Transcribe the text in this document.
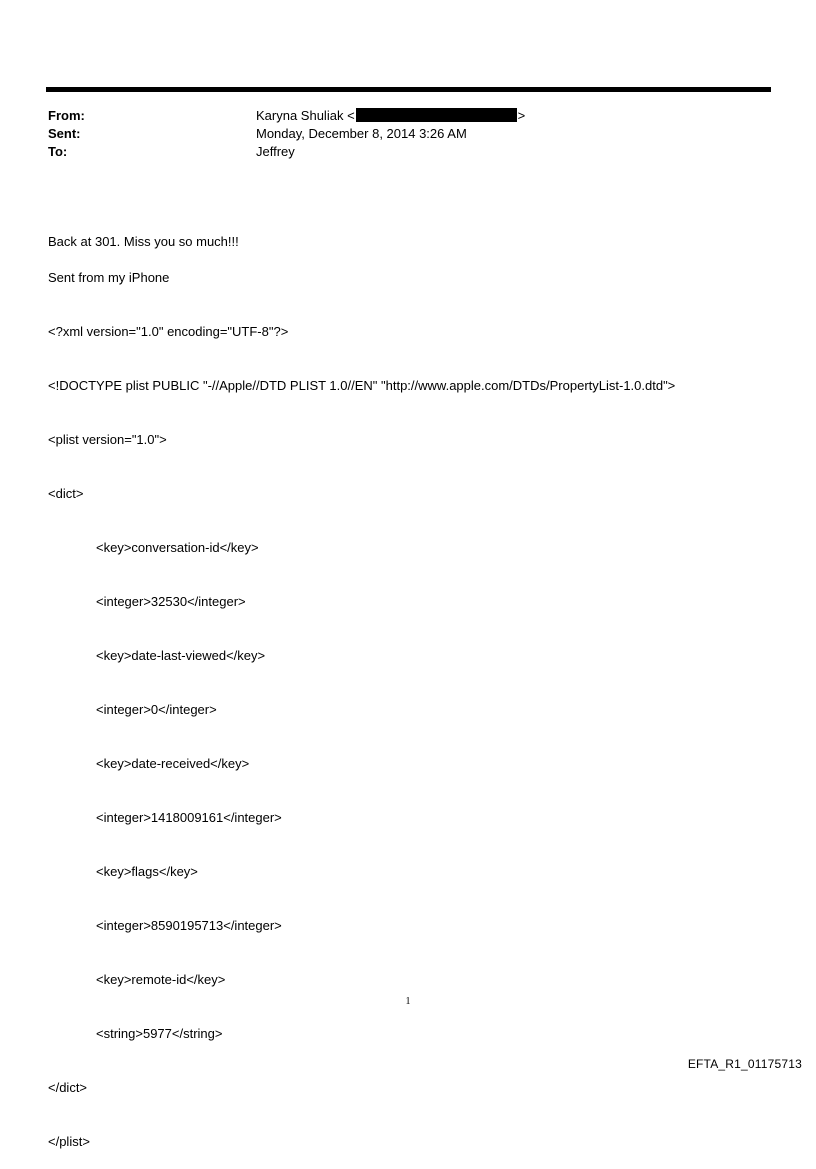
From:	Karyna Shuliak <	>
Sent:	Monday, December 8, 2014 3:26 AM
To:	Jeffrey

Back at 301. Miss you so much!!!

Sent from my iPhone

<?xml version="1.0" encoding="UTF-8"?>

<!DOCTYPE plist PUBLIC "-//Apple//DTD PLIST 1.0//EN" "http://www.apple.com/DTDs/PropertyList-1.0.dtd">

<plist version="1.0">

<dict>

<key>conversation-id</key>

<integer>32530</integer>

<key>date-last-viewed</key>

<integer>0</integer>

<key>date-received</key>

<integer>1418009161</integer>

<key>flags</key>

<integer>8590195713</integer>

<key>remote-id</key>

<string>5977</string>

</dict>

</plist>

1
EFTA_R1_01175713
